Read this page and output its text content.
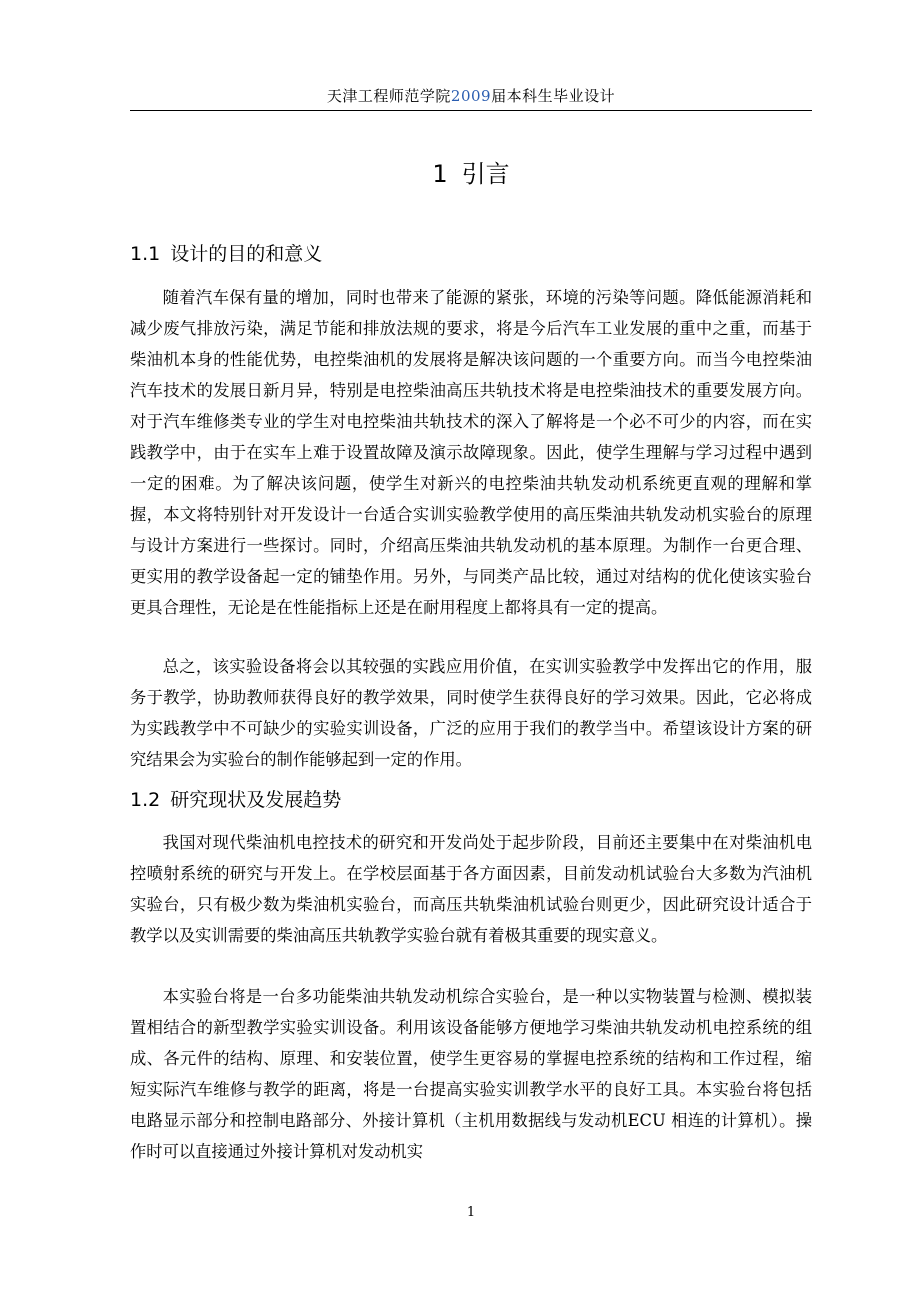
天津工程师范学院2009届本科生毕业设计
1 引言
1.1 设计的目的和意义

随着汽车保有量的增加，同时也带来了能源的紧张，环境的污染等问题。降低能源消耗和减少废气排放污染，满足节能和排放法规的要求，将是今后汽车工业发展的重中之重，而基于柴油机本身的性能优势，电控柴油机的发展将是解决该问题的一个重要方向。而当今电控柴油汽车技术的发展日新月异，特别是电控柴油高压共轨技术将是电控柴油技术的重要发展方向。对于汽车维修类专业的学生对电控柴油共轨技术的深入了解将是一个必不可少的内容，而在实践教学中，由于在实车上难于设置故障及演示故障现象。因此，使学生理解与学习过程中遇到一定的困难。为了解决该问题，使学生对新兴的电控柴油共轨发动机系统更直观的理解和掌握，本文将特别针对开发设计一台适合实训实验教学使用的高压柴油共轨发动机实验台的原理与设计方案进行一些探讨。同时，介绍高压柴油共轨发动机的基本原理。为制作一台更合理、更实用的教学设备起一定的铺垫作用。另外，与同类产品比较，通过对结构的优化使该实验台更具合理性，无论是在性能指标上还是在耐用程度上都将具有一定的提高。

总之，该实验设备将会以其较强的实践应用价值，在实训实验教学中发挥出它的作用，服务于教学，协助教师获得良好的教学效果，同时使学生获得良好的学习效果。因此，它必将成为实践教学中不可缺少的实验实训设备，广泛的应用于我们的教学当中。希望该设计方案的研究结果会为实验台的制作能够起到一定的作用。

1.2 研究现状及发展趋势

我国对现代柴油机电控技术的研究和开发尚处于起步阶段，目前还主要集中在对柴油机电控喷射系统的研究与开发上。在学校层面基于各方面因素，目前发动机试验台大多数为汽油机实验台，只有极少数为柴油机实验台，而高压共轨柴油机试验台则更少，因此研究设计适合于教学以及实训需要的柴油高压共轨教学实验台就有着极其重要的现实意义。

本实验台将是一台多功能柴油共轨发动机综合实验台，是一种以实物装置与检测、模拟装置相结合的新型教学实验实训设备。利用该设备能够方便地学习柴油共轨发动机电控系统的组成、各元件的结构、原理、和安装位置，使学生更容易的掌握电控系统的结构和工作过程，缩短实际汽车维修与教学的距离，将是一台提高实验实训教学水平的良好工具。本实验台将包括电路显示部分和控制电路部分、外接计算机（主机用数据线与发动机ECU 相连的计算机）。操作时可以直接通过外接计算机对发动机实

1
